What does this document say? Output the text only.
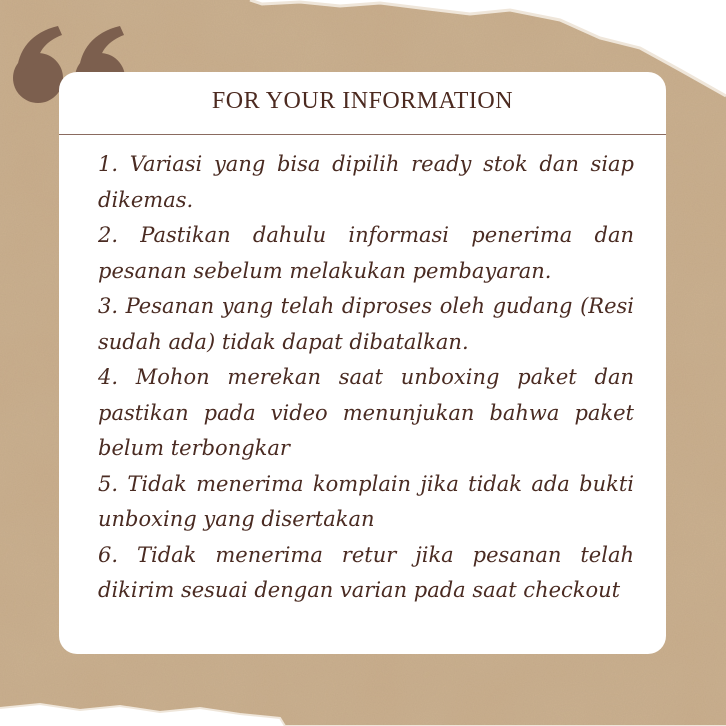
FOR YOUR INFORMATION
1. Variasi yang bisa dipilih ready stok dan siap dikemas.
2. Pastikan dahulu informasi penerima dan pesanan sebelum melakukan pembayaran.
3. Pesanan yang telah diproses oleh gudang (Resi sudah ada) tidak dapat dibatalkan.
4. Mohon merekan saat unboxing paket dan pastikan pada video menunjukan bahwa paket belum terbongkar
5. Tidak menerima komplain jika tidak ada bukti unboxing yang disertakan
6. Tidak menerima retur jika pesanan telah dikirim sesuai dengan varian pada saat checkout
